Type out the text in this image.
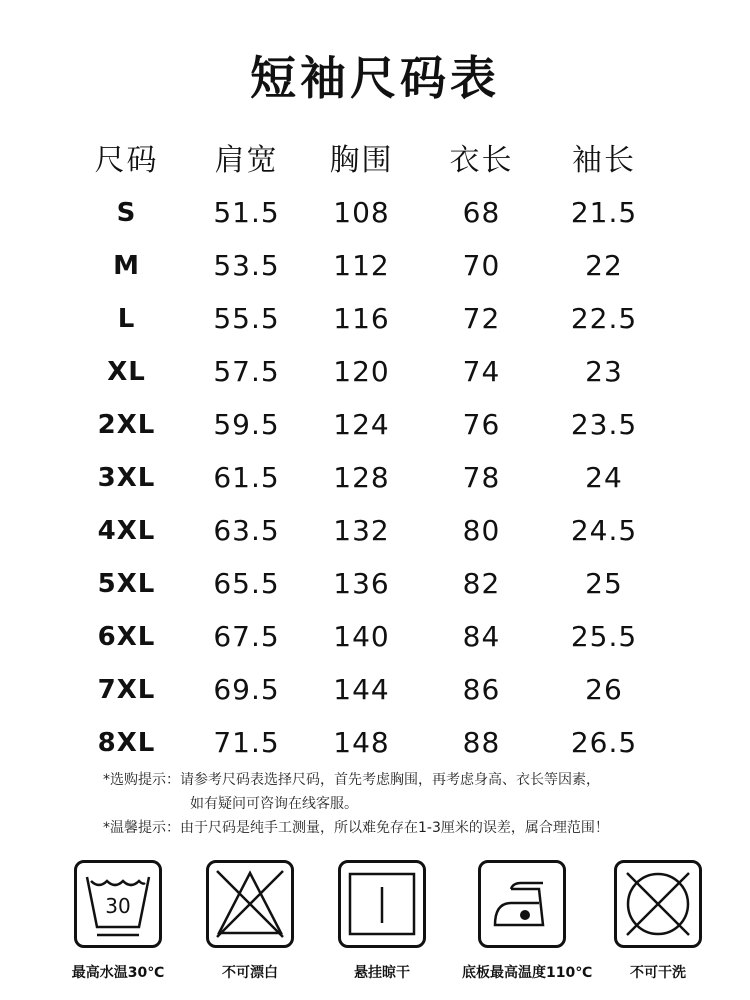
短袖尺码表
尺码	肩宽	胸围	衣长	袖长
S	51.5	108	68	21.5
M	53.5	112	70	22
L	55.5	116	72	22.5
XL	57.5	120	74	23
2XL	59.5	124	76	23.5
3XL	61.5	128	78	24
4XL	63.5	132	80	24.5
5XL	65.5	136	82	25
6XL	67.5	140	84	25.5
7XL	69.5	144	86	26
8XL	71.5	148	88	26.5
*选购提示：请参考尺码表选择尺码，首先考虑胸围，再考虑身高、衣长等因素，
如有疑问可咨询在线客服。
*温馨提示：由于尺码是纯手工测量，所以难免存在1-3厘米的误差，属合理范围！
30
最高水温30℃	不可漂白	悬挂晾干	底板最高温度110℃	不可干洗
